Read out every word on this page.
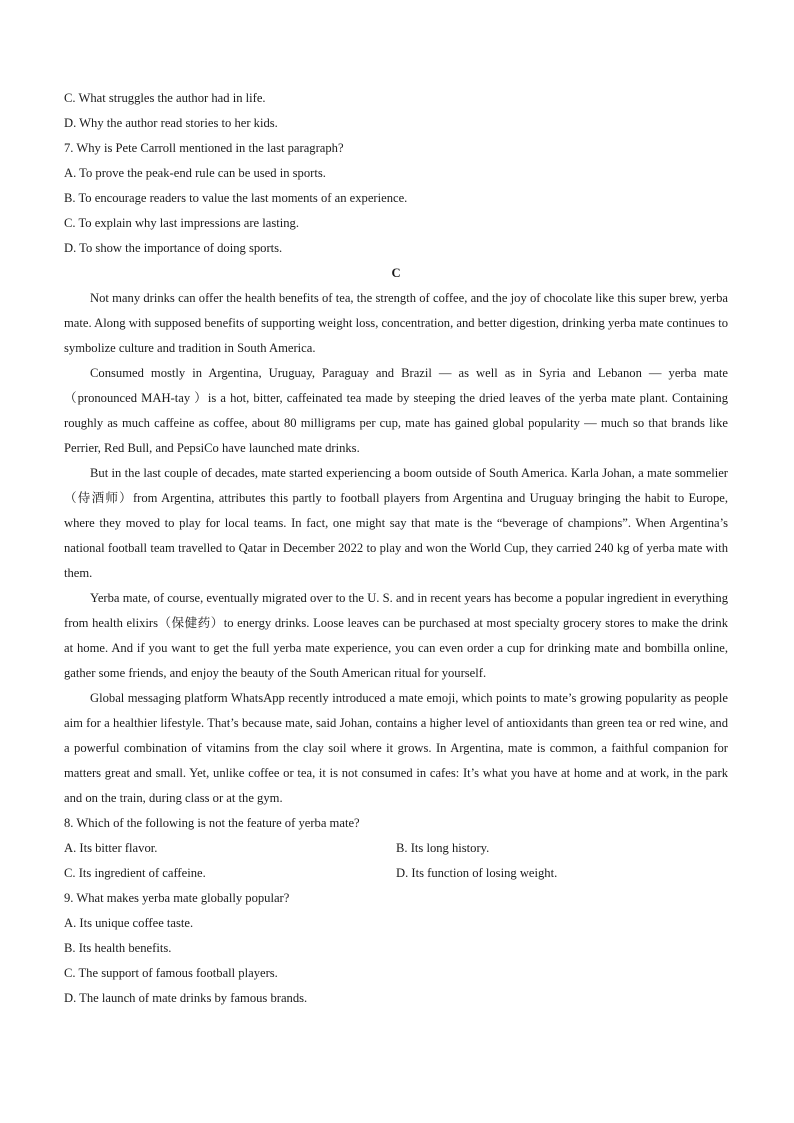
C. What struggles the author had in life.

D. Why the author read stories to her kids.

7. Why is Pete Carroll mentioned in the last paragraph?

A. To prove the peak-end rule can be used in sports.

B. To encourage readers to value the last moments of an experience.

C. To explain why last impressions are lasting.

D. To show the importance of doing sports.

C

Not many drinks can offer the health benefits of tea, the strength of coffee, and the joy of chocolate like this super brew, yerba mate. Along with supposed benefits of supporting weight loss, concentration, and better digestion, drinking yerba mate continues to symbolize culture and tradition in South America.

Consumed mostly in Argentina, Uruguay, Paraguay and Brazil — as well as in Syria and Lebanon — yerba mate （pronounced MAH-tay ）is a hot, bitter, caffeinated tea made by steeping the dried leaves of the yerba mate plant. Containing roughly as much caffeine as coffee, about 80 milligrams per cup, mate has gained global popularity — much so that brands like Perrier, Red Bull, and PepsiCo have launched mate drinks.

But in the last couple of decades, mate started experiencing a boom outside of South America. Karla Johan, a mate sommelier（侍酒师）from Argentina, attributes this partly to football players from Argentina and Uruguay bringing the habit to Europe, where they moved to play for local teams. In fact, one might say that mate is the “beverage of champions”. When Argentina’s national football team travelled to Qatar in December 2022 to play and won the World Cup, they carried 240 kg of yerba mate with them.

Yerba mate, of course, eventually migrated over to the U. S. and in recent years has become a popular ingredient in everything from health elixirs（保健药）to energy drinks. Loose leaves can be purchased at most specialty grocery stores to make the drink at home. And if you want to get the full yerba mate experience, you can even order a cup for drinking mate and bombilla online, gather some friends, and enjoy the beauty of the South American ritual for yourself.

Global messaging platform WhatsApp recently introduced a mate emoji, which points to mate’s growing popularity as people aim for a healthier lifestyle. That’s because mate, said Johan, contains a higher level of antioxidants than green tea or red wine, and a powerful combination of vitamins from the clay soil where it grows. In Argentina, mate is common, a faithful companion for matters great and small. Yet, unlike coffee or tea, it is not consumed in cafes: It’s what you have at home and at work, in the park and on the train, during class or at the gym.

8. Which of the following is not the feature of yerba mate?

A. Its bitter flavor.	B. Its long history.
C. Its ingredient of caffeine.	D. Its function of losing weight.

9. What makes yerba mate globally popular?

A. Its unique coffee taste.

B. Its health benefits.

C. The support of famous football players.

D. The launch of mate drinks by famous brands.
